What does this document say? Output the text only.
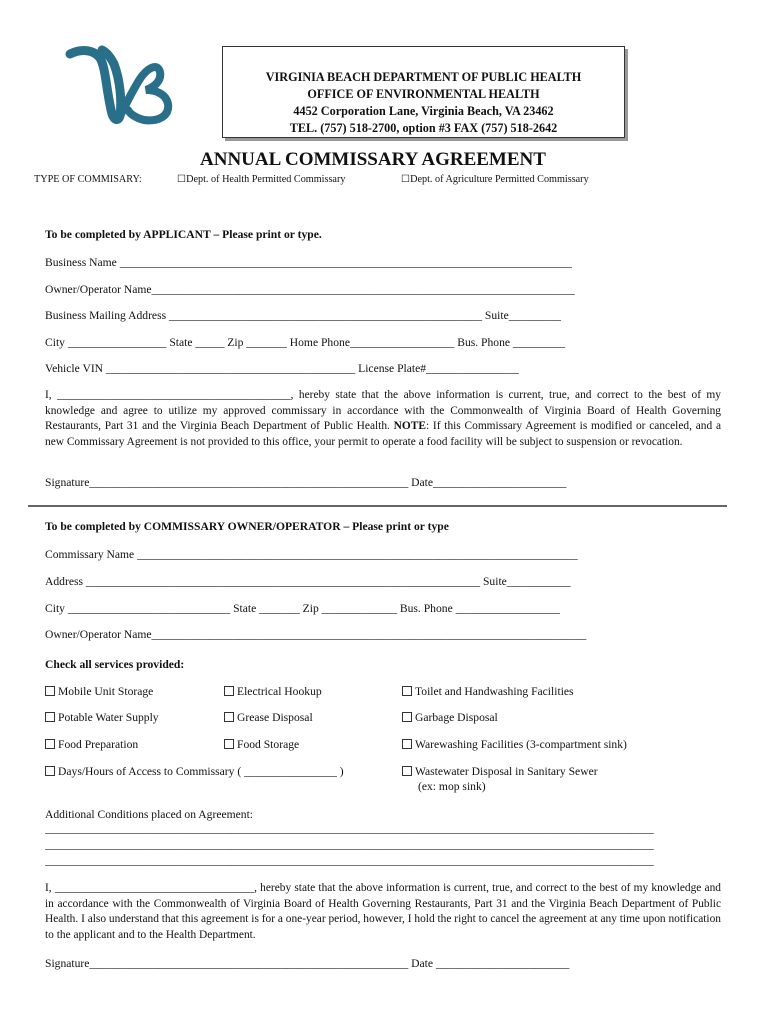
VIRGINIA BEACH DEPARTMENT OF PUBLIC HEALTH
OFFICE OF ENVIRONMENTAL HEALTH
4452 Corporation Lane, Virginia Beach, VA 23462
TEL. (757) 518-2700, option #3 FAX (757) 518-2642
ANNUAL COMMISSARY AGREEMENT
TYPE OF COMMISARY:	☐Dept. of Health Permitted Commissary	☐Dept. of Agriculture Permitted Commissary
To be completed by APPLICANT – Please print or type.
Business Name ______________________________________________________________________________
Owner/Operator Name_________________________________________________________________________
Business Mailing Address ______________________________________________________ Suite_________
City _________________ State _____ Zip _______ Home Phone__________________ Bus. Phone _________
Vehicle VIN ___________________________________________ License Plate#________________
I, _________________________________________, hereby state that the above information is current, true, and correct to the best of my knowledge and agree to utilize my approved commissary in accordance with the Commonwealth of Virginia Board of Health Governing Restaurants, Part 31 and the Virginia Beach Department of Public Health. NOTE: If this Commissary Agreement is modified or canceled, and a new Commissary Agreement is not provided to this office, your permit to operate a food facility will be subject to suspension or revocation.
Signature_______________________________________________________ Date_______________________
To be completed by COMMISSARY OWNER/OPERATOR – Please print or type
Commissary Name ____________________________________________________________________________
Address ____________________________________________________________________ Suite___________
City ____________________________ State _______ Zip _____________ Bus. Phone __________________
Owner/Operator Name___________________________________________________________________________
Check all services provided:
Mobile Unit Storage	Electrical Hookup	Toilet and Handwashing Facilities
Potable Water Supply	Grease Disposal	Garbage Disposal
Food Preparation	Food Storage	Warewashing Facilities (3-compartment sink)
Days/Hours of Access to Commissary ( ________________ )	Wastewater Disposal in Sanitary Sewer
(ex: mop sink)
Additional Conditions placed on Agreement:
_________________________________________________________________________________________________________
_________________________________________________________________________________________________________
_________________________________________________________________________________________________________
I, ___________________________________, hereby state that the above information is current, true, and correct to the best of my knowledge and in accordance with the Commonwealth of Virginia Board of Health Governing Restaurants, Part 31 and the Virginia Beach Department of Public Health. I also understand that this agreement is for a one-year period, however, I hold the right to cancel the agreement at any time upon notification to the applicant and to the Health Department.
Signature_______________________________________________________ Date _______________________
